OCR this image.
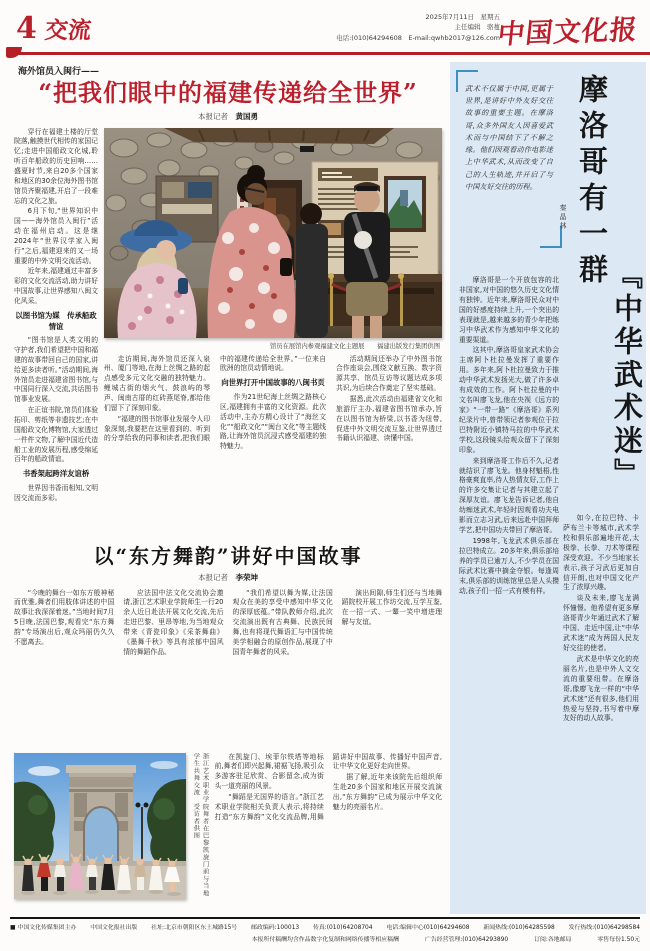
4 交流	2025年7月11日　星期五
主任编辑　骆蔓
电话:(010)64294608　E-mail:qwhb2017@126.com
中国文化报
海外馆员入闽行——
“把我们眼中的福建传递给全世界”
本报记者　 黄国勇

穿行在福建土楼的厅堂院落,触摸世代相传的家国记忆;走进中国船政文化城,聆听百年船政的历史回响……盛夏时节,来自20多个国家和地区的30余位海外图书馆馆员齐聚福建,开启了一段难忘的文化之旅。

6月下旬,“世界知识中国——海外馆员入闽行”活动在福州启动。这是继2024年“世界汉学家入闽行”之后,福建迎来的又一场重要的中外文明交流活动。

近年来,福建通过丰富多彩的文化交流活动,助力讲好中国故事,让世界感知八闽文化风采。

以图书馆为媒　传承船政情谊

“图书馆是人类文明的守护者,我们希望把中国和福建的故事带回自己的国家,讲给更多读者听。”活动期间,海外馆员走进福建省图书馆,与中国同行深入交流,共话图书馆事业发展。

在正谊书院,馆员们体验拓印、剪纸等非遗技艺;在中国船政文化博物馆,大家透过一件件文物,了解中国近代造船工业的发展历程,感受绵延百年的船政情谊。

书香架起跨洋友谊桥

世界因书香而相知,文明因交流而多彩。

馆员在展馆内参观福建文化主题展　　福建出版发行集团供图

走访期间,海外馆员还深入泉州、厦门等地,在海上丝绸之路的起点感受多元文化交融的独特魅力。鲤城古街的烟火气、鼓浪屿的琴声、闽南古厝的红砖燕尾脊,都给他们留下了深刻印象。

“福建的图书馆事业发展令人印象深刻,我要把在这里看到的、听到的分享给我的同事和读者,把我们眼中的福建传递给全世界。”一位来自欧洲的馆员动情地说。

向世界打开中国故事的八闽书页

作为21世纪海上丝绸之路核心区,福建拥有丰富的文化资源。此次活动中,主办方精心设计了“海丝文化”“船政文化”“闽台文化”等主题线路,让海外馆员沉浸式感受福建的独特魅力。

活动期间还举办了中外图书馆合作座谈会,围绕文献互换、数字资源共享、馆员互访等议题达成多项共识,为后续合作奠定了坚实基础。

据悉,此次活动由福建省文化和旅游厅主办,福建省图书馆承办,旨在以图书馆为桥梁,以书香为纽带,促进中外文明交流互鉴,让世界透过书籍认识福建、读懂中国。

以“东方舞韵”讲好中国故事
本报记者　 李荣坤

“今晚的舞台一如东方般神秘而优雅,舞者们用肢体讲述的中国故事让我深深着迷。”当地时间7月5日晚,法国巴黎,观看完“东方舞韵”专场演出后,观众玛丽仍久久不愿离去。

应法国中法文化交流协会邀请,浙江艺术职业学院师生一行20余人近日赴法开展文化交流,先后走进巴黎、里昂等地,为当地观众带来《青瓷印象》《采茶舞曲》《墨舞千秋》等具有浓郁中国风情的舞蹈作品。

“我们希望以舞为媒,让法国观众在美的享受中感知中华文化的深厚底蕴。”带队教师介绍,此次交流演出既有古典舞、民族民间舞,也有将现代舞语汇与中国传统美学相融合的原创作品,展现了中国青年舞者的风采。

演出间隙,师生们还与当地舞蹈院校开展工作坊交流,互学互鉴,在一招一式、一颦一笑中增进理解与友谊。

浙江艺术职业学院舞者在巴黎凯旋门前与当地学生共舞交流　受访者供图	在凯旋门、埃菲尔铁塔等地标前,舞者们即兴起舞,裙裾飞扬,吸引众多游客驻足欣赏、合影留念,成为街头一道亮丽的风景。

“舞蹈是无国界的语言。”浙江艺术职业学院相关负责人表示,将持续打造“东方舞韵”文化交流品牌,用舞蹈讲好中国故事、传播好中国声音,让中华文化更好走向世界。

据了解,近年来该院先后组织师生赴20多个国家和地区开展交流演出,“东方舞韵”已成为展示中华文化魅力的亮丽名片。

武术不仅属于中国,更属于世界,是讲好中外友好交往故事的重要主题。在摩洛哥,众多外国友人因喜爱武术而与中国结下了不解之缘。他们因观看动作电影迷上中华武术,从而改变了自己的人生轨迹,并开启了与中国友好交往的历程。
秦晶林 摩洛哥有一群
『中华武术迷』

摩洛哥是一个开放包容的北非国家,对中国的悠久历史文化情有独钟。近年来,摩洛哥民众对中国的好感度持续上升,一个突出的表现就是,越来越多的青少年把练习中华武术作为感知中华文化的重要渠道。

这其中,摩洛哥皇家武术协会主席阿卜杜拉曼发挥了重要作用。多年来,阿卜杜拉曼致力于推动中华武术发扬光大,做了许多卓有成效的工作。阿卜杜拉曼的中文名叫廖飞龙,他在央视《远方的家》“一带一路”《摩洛哥》系列纪录片中,曾带领记者参观位于拉巴特附近小镇特马拉的中华武术学校,这段镜头给观众留下了深刻印象。

来到摩洛哥工作后不久,记者就结识了廖飞龙。他身材魁梧,性格豪爽直率,待人热情友好,工作上的许多交集让记者与其建立起了深厚友谊。廖飞龙告诉记者,他自幼痴迷武术,年轻时因观看功夫电影而立志习武,后来远赴中国拜师学艺,把中国功夫带回了摩洛哥。

1998年,飞龙武术俱乐部在拉巴特成立。20多年来,俱乐部培养的学员已逾万人,不少学员在国际武术比赛中摘金夺银。每逢周末,俱乐部的训练馆里总是人头攒动,孩子们一招一式有模有样。

如今,在拉巴特、卡萨布兰卡等城市,武术学校和俱乐部遍地开花,太极拳、长拳、刀术等课程深受欢迎。不少当地家长表示,孩子习武后更加自信开朗,也对中国文化产生了浓厚兴趣。

谈及未来,廖飞龙满怀憧憬。他希望有更多摩洛哥青少年通过武术了解中国、走近中国,让“中华武术迷”成为两国人民友好交往的使者。

武术是中华文化的亮丽名片,也是中外人文交流的重要纽带。在摩洛哥,像廖飞龙一样的“中华武术迷”还有很多,他们用热爱与坚持,书写着中摩友好的动人故事。

■ 中国文化传媒集团主办 中国文化报社出版 社址:北京市朝阳区东土城路15号 邮政编码:100013 传真:(010)64208704 电话:编辑中心(010)64294608 新闻热线:(010)64285598 发行热线:(010)64298584
本报所付稿酬均含作品数字化复制和网络传播等相应稿酬	广告经营管理:(010)64293890	订阅:各地邮局	零售每份1.50元
